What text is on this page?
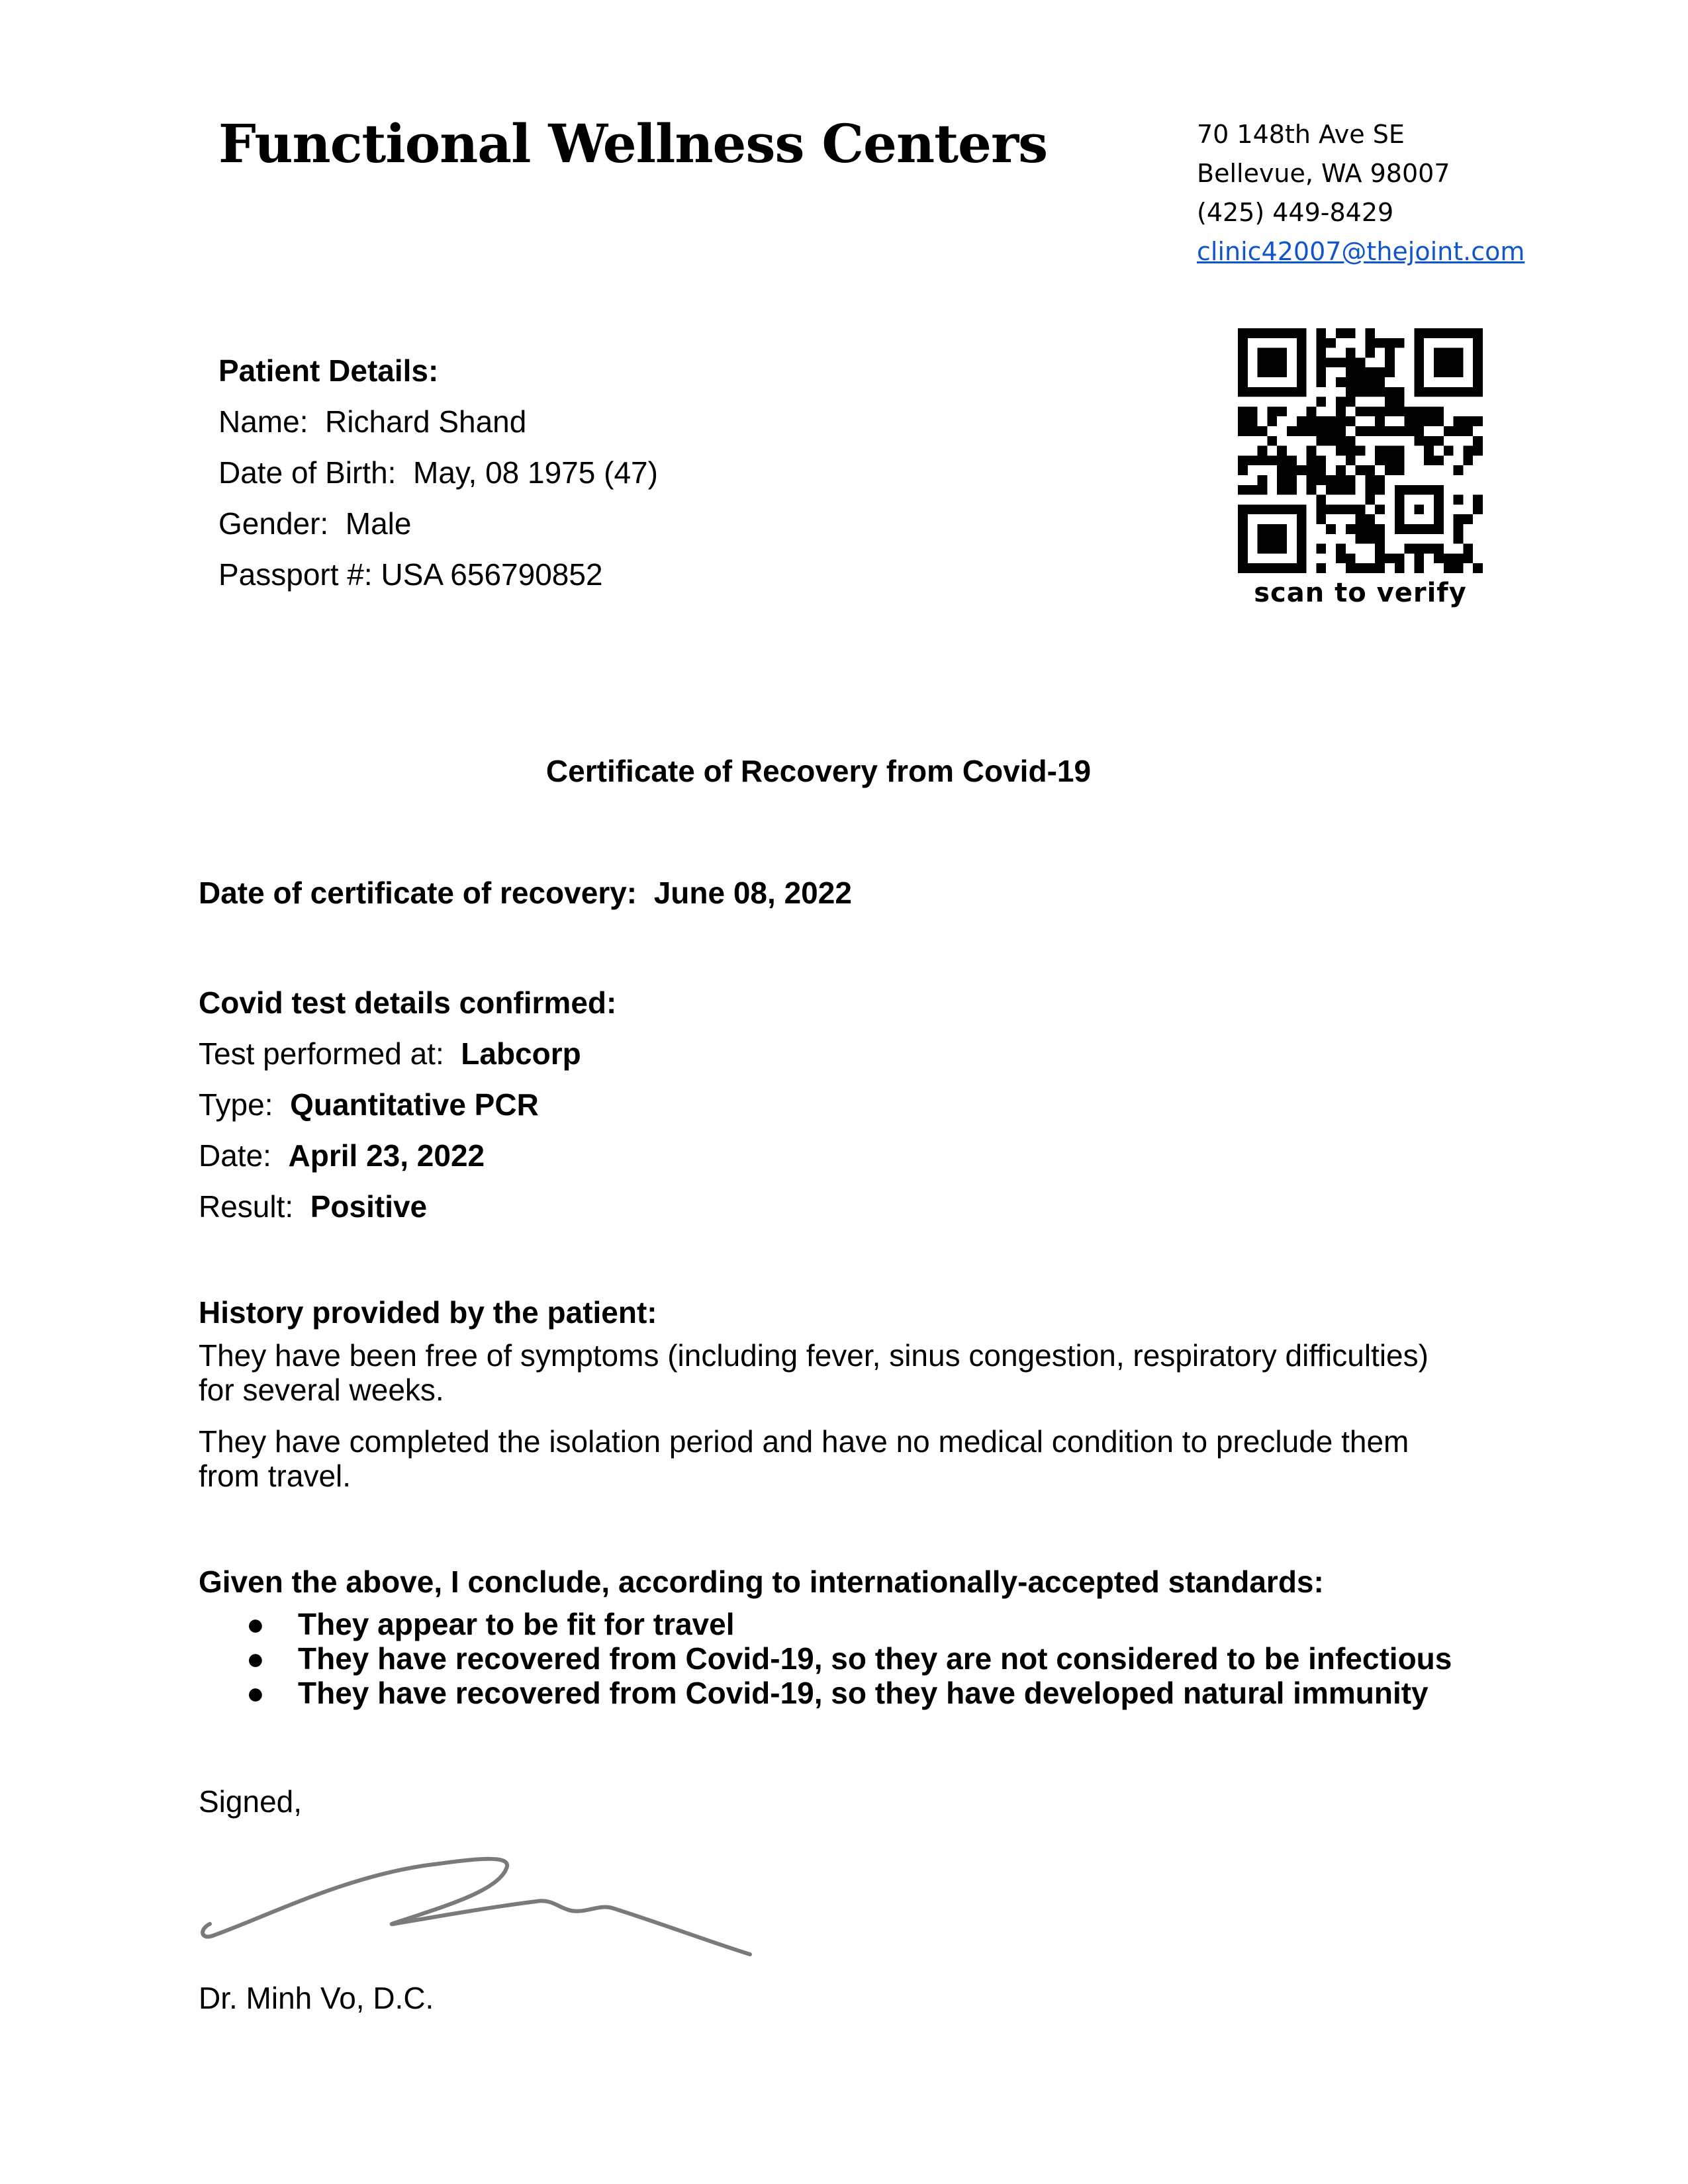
Functional Wellness Centers	70 148th Ave SE
Bellevue, WA 98007
(425) 449-8429
clinic42007@thejoint.com
Patient Details:
Name: Richard Shand
Date of Birth: May, 08 1975 (47)
Gender: Male
Passport #: USA 656790852
scan to verify
Certificate of Recovery from Covid-19
Date of certificate of recovery: June 08, 2022
Covid test details confirmed:
Test performed at: Labcorp
Type: Quantitative PCR
Date: April 23, 2022
Result: Positive
History provided by the patient:

They have been free of symptoms (including fever, sinus congestion, respiratory difficulties) for several weeks.

They have completed the isolation period and have no medical condition to preclude them from travel.

Given the above, I conclude, according to internationally-accepted standards:
● They appear to be fit for travel
● They have recovered from Covid-19, so they are not considered to be infectious
● They have recovered from Covid-19, so they have developed natural immunity
Signed,
Dr. Minh Vo, D.C.
